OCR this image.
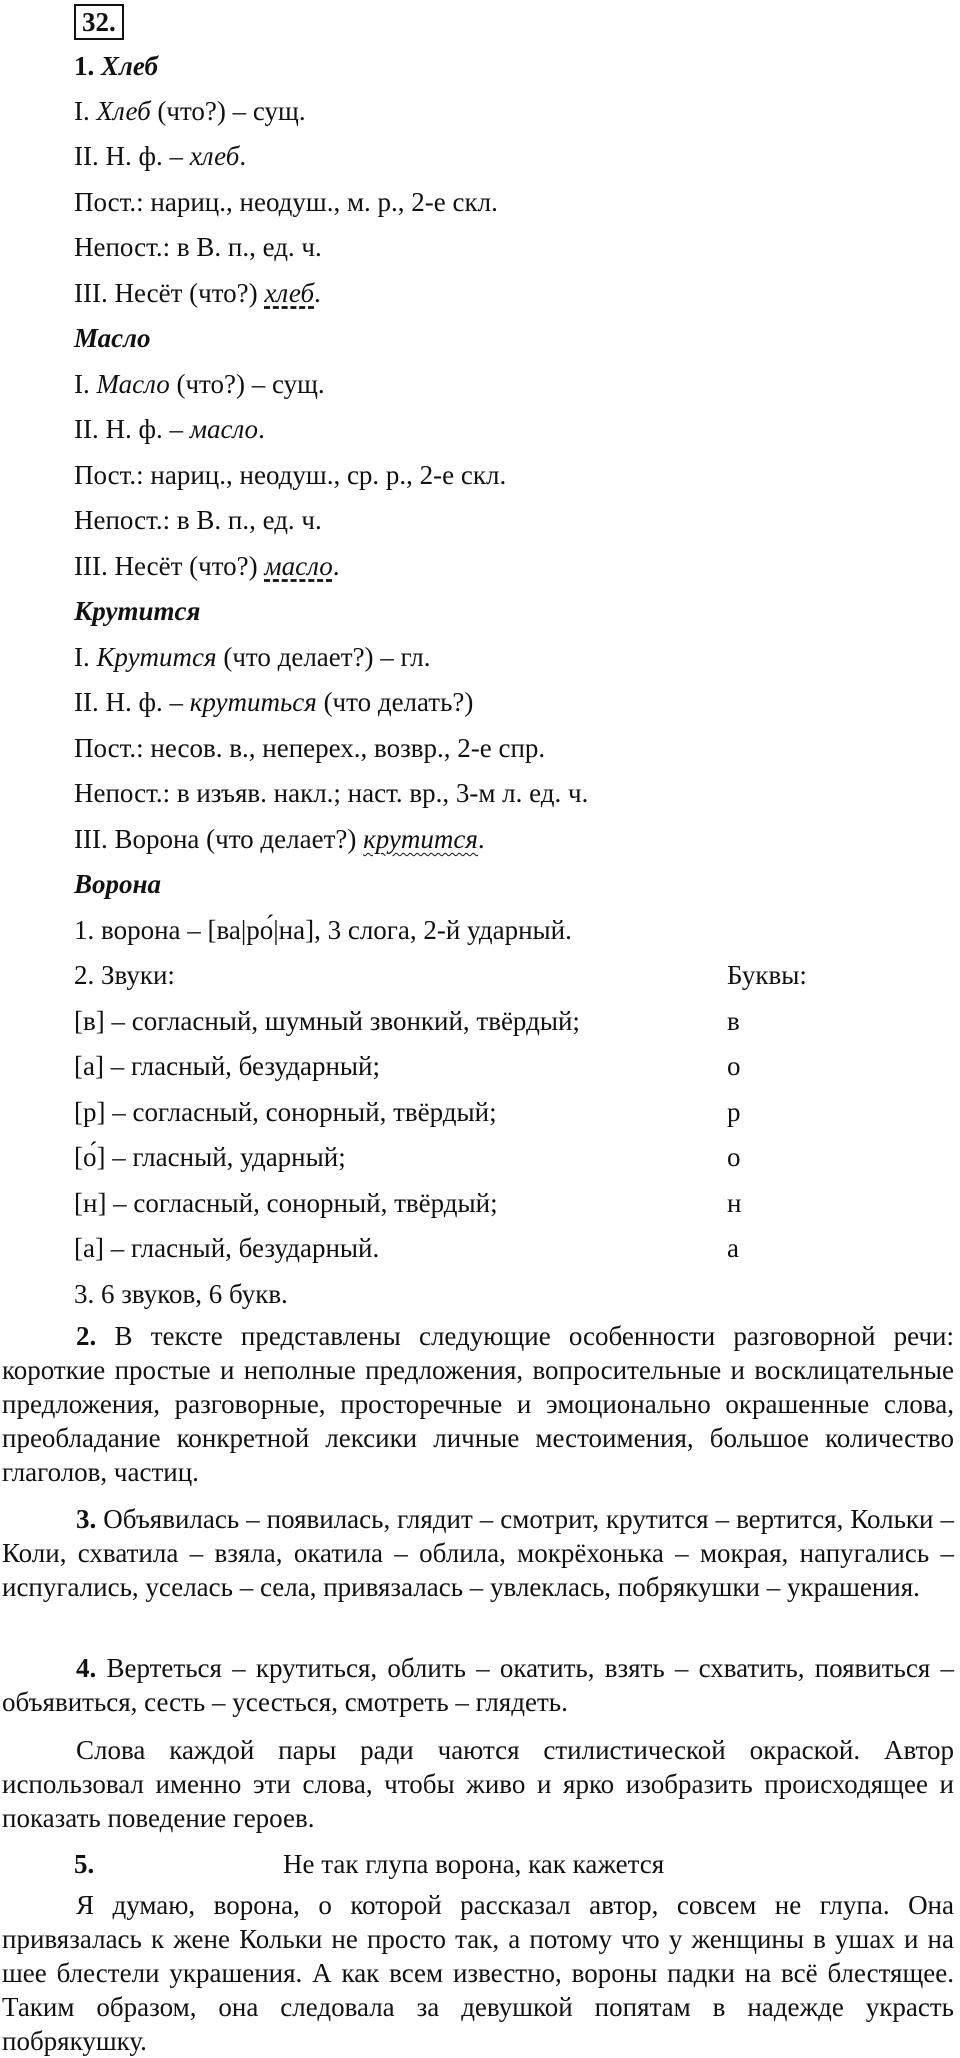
32.
1. Хлеб
I. Хлеб (что?) – сущ.
II. Н. ф. – хлеб.
Пост.: нариц., неодуш., м. р., 2-е скл.
Непост.: в В. п., ед. ч.
III. Несёт (что?) хлеб.
Масло
I. Масло (что?) – сущ.
II. Н. ф. – масло.
Пост.: нариц., неодуш., ср. р., 2-е скл.
Непост.: в В. п., ед. ч.
III. Несёт (что?) масло.
Крутится
I. Крутится (что делает?) – гл.
II. Н. ф. – крутиться (что делать?)
Пост.: несов. в., неперех., возвр., 2-е спр.
Непост.: в изъяв. накл.; наст. вр., 3-м л. ед. ч.
III. Ворона (что делает?) крутится.
Ворона
1. ворона – [ва|ро́|на], 3 слога, 2-й ударный.
2. Звуки:	Буквы:
[в] – согласный, шумный звонкий, твёрдый;	в
[а] – гласный, безударный;	о
[р] – согласный, сонорный, твёрдый;	р
[о́] – гласный, ударный;	о
[н] – согласный, сонорный, твёрдый;	н
[а] – гласный, безударный.	а
3. 6 звуков, 6 букв.
2. В тексте представлены следующие особенности разговорной речи: короткие простые и неполные предложения, вопросительные и восклицательные предложения, разговорные, просторечные и эмоционально окрашенные слова, преобладание конкретной лексики личные местоимения, большое количество глаголов, частиц.
3. Объявилась – появилась, глядит – смотрит, крутится – вертится, Кольки – Коли, схватила – взяла, окатила – облила, мокрёхонька – мокрая, напугались – испугались, уселась – села, привязалась – увлеклась, побрякушки – украшения.
4. Вертеться – крутиться, облить – окатить, взять – схватить, появиться – объявиться, сесть – усесться, смотреть – глядеть.
Слова каждой пары ради чаются стилистической окраской. Автор использовал именно эти слова, чтобы живо и ярко изобразить происходящее и показать поведение героев.
5.	Не так глупа ворона, как кажется
Я думаю, ворона, о которой рассказал автор, совсем не глупа. Она привязалась к жене Кольки не просто так, а потому что у женщины в ушах и на шее блестели украшения. А как всем известно, вороны падки на всё блестящее. Таким образом, она следовала за девушкой попятам в надежде украсть побрякушку.
